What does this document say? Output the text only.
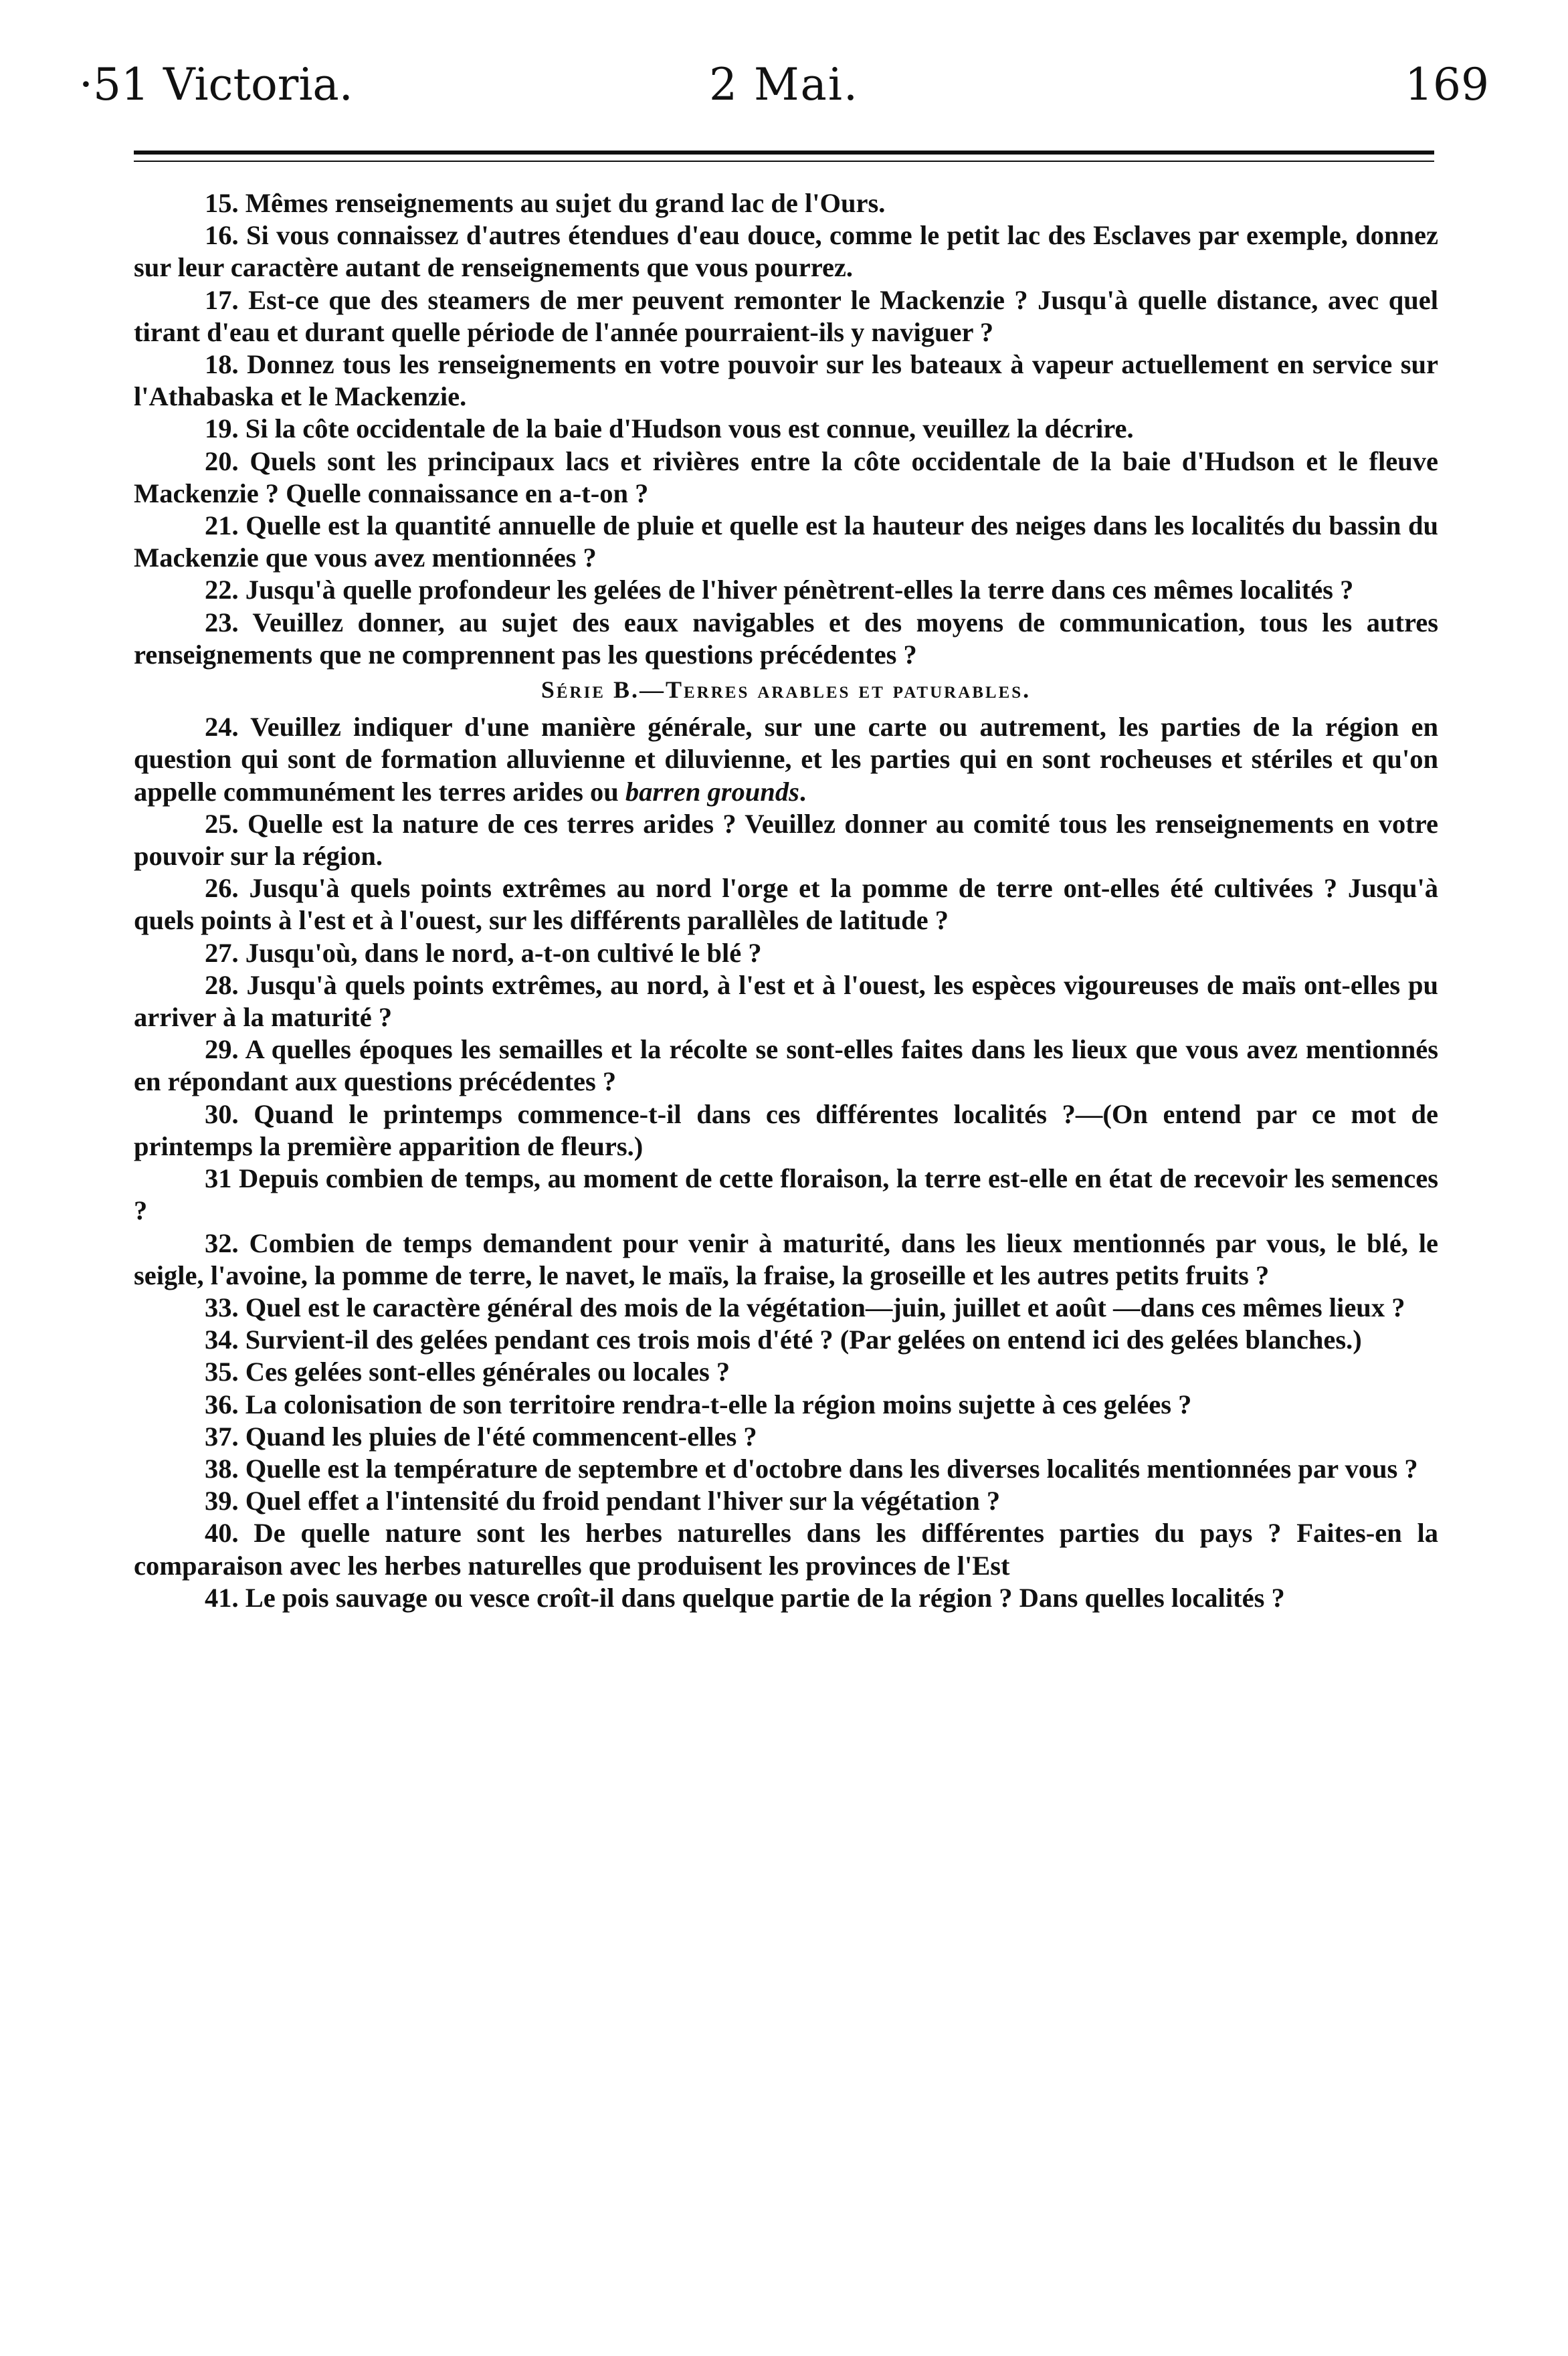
·51 Victoria.	2 Mai.	169

15. Mêmes renseignements au sujet du grand lac de l'Ours.

16. Si vous connaissez d'autres étendues d'eau douce, comme le petit lac des Esclaves par exemple, donnez sur leur caractère autant de renseignements que vous pourrez.

17. Est-ce que des steamers de mer peuvent remonter le Mackenzie ? Jusqu'à quelle distance, avec quel tirant d'eau et durant quelle période de l'année pourraient-ils y naviguer ?

18. Donnez tous les renseignements en votre pouvoir sur les bateaux à vapeur actuellement en service sur l'Athabaska et le Mackenzie.

19. Si la côte occidentale de la baie d'Hudson vous est connue, veuillez la décrire.

20. Quels sont les principaux lacs et rivières entre la côte occidentale de la baie d'Hudson et le fleuve Mackenzie ? Quelle connaissance en a-t-on ?

21. Quelle est la quantité annuelle de pluie et quelle est la hauteur des neiges dans les localités du bassin du Mackenzie que vous avez mentionnées ?

22. Jusqu'à quelle profondeur les gelées de l'hiver pénètrent-elles la terre dans ces mêmes localités ?

23. Veuillez donner, au sujet des eaux navigables et des moyens de communication, tous les autres renseignements que ne comprennent pas les questions précédentes ?

Série B.—Terres arables et paturables.

24. Veuillez indiquer d'une manière générale, sur une carte ou autrement, les parties de la région en question qui sont de formation alluvienne et diluvienne, et les parties qui en sont rocheuses et stériles et qu'on appelle communément les terres arides ou barren grounds.

25. Quelle est la nature de ces terres arides ? Veuillez donner au comité tous les renseignements en votre pouvoir sur la région.

26. Jusqu'à quels points extrêmes au nord l'orge et la pomme de terre ont-elles été cultivées ? Jusqu'à quels points à l'est et à l'ouest, sur les différents parallèles de latitude ?

27. Jusqu'où, dans le nord, a-t-on cultivé le blé ?

28. Jusqu'à quels points extrêmes, au nord, à l'est et à l'ouest, les espèces vigoureuses de maïs ont-elles pu arriver à la maturité ?

29. A quelles époques les semailles et la récolte se sont-elles faites dans les lieux que vous avez mentionnés en répondant aux questions précédentes ?

30. Quand le printemps commence-t-il dans ces différentes localités ?—(On entend par ce mot de printemps la première apparition de fleurs.)

31 Depuis combien de temps, au moment de cette floraison, la terre est-elle en état de recevoir les semences ?

32. Combien de temps demandent pour venir à maturité, dans les lieux mentionnés par vous, le blé, le seigle, l'avoine, la pomme de terre, le navet, le maïs, la fraise, la groseille et les autres petits fruits ?

33. Quel est le caractère général des mois de la végétation—juin, juillet et août —dans ces mêmes lieux ?

34. Survient-il des gelées pendant ces trois mois d'été ? (Par gelées on entend ici des gelées blanches.)

35. Ces gelées sont-elles générales ou locales ?

36. La colonisation de son territoire rendra-t-elle la région moins sujette à ces gelées ?

37. Quand les pluies de l'été commencent-elles ?

38. Quelle est la température de septembre et d'octobre dans les diverses localités mentionnées par vous ?

39. Quel effet a l'intensité du froid pendant l'hiver sur la végétation ?

40. De quelle nature sont les herbes naturelles dans les différentes parties du pays ? Faites-en la comparaison avec les herbes naturelles que produisent les provinces de l'Est

41. Le pois sauvage ou vesce croît-il dans quelque partie de la région ? Dans quelles localités ?
